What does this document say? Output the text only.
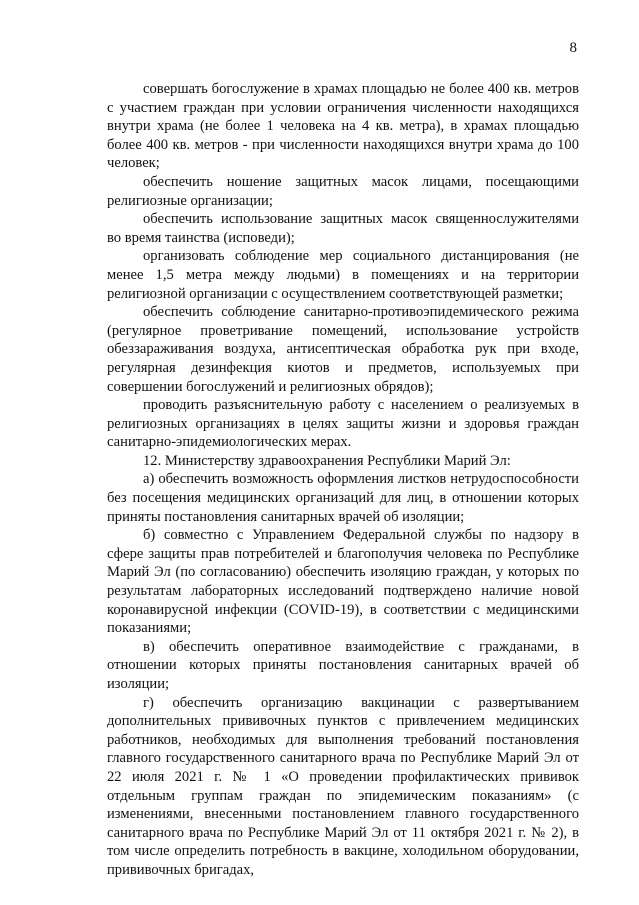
8

совершать богослужение в храмах площадью не более 400 кв. метров с участием граждан при условии ограничения численности находящихся внутри храма (не более 1 человека на 4 кв. метра), в храмах площадью более 400 кв. метров - при численности находящихся внутри храма до 100 человек;

обеспечить ношение защитных масок лицами, посещающими религиозные организации;

обеспечить использование защитных масок священнослужителями во время таинства (исповеди);

организовать соблюдение мер социального дистанцирования (не менее 1,5 метра между людьми) в помещениях и на территории религиозной организации с осуществлением соответствующей разметки;

обеспечить соблюдение санитарно-противоэпидемического режима (регулярное проветривание помещений, использование устройств обеззараживания воздуха, антисептическая обработка рук при входе, регулярная дезинфекция киотов и предметов, используемых при совершении богослужений и религиозных обрядов);

проводить разъяснительную работу с населением о реализуемых в религиозных организациях в целях защиты жизни и здоровья граждан санитарно-эпидемиологических мерах.

12. Министерству здравоохранения Республики Марий Эл:

а) обеспечить возможность оформления листков нетрудоспособности без посещения медицинских организаций для лиц, в отношении которых приняты постановления санитарных врачей об изоляции;

б) совместно с Управлением Федеральной службы по надзору в сфере защиты прав потребителей и благополучия человека по Республике Марий Эл (по согласованию) обеспечить изоляцию граждан, у которых по результатам лабораторных исследований подтверждено наличие новой коронавирусной инфекции (COVID-19), в соответствии с медицинскими показаниями;

в) обеспечить оперативное взаимодействие с гражданами, в отношении которых приняты постановления санитарных врачей об изоляции;

г) обеспечить организацию вакцинации с развертыванием дополнительных прививочных пунктов с привлечением медицинских работников, необходимых для выполнения требований постановления главного государственного санитарного врача по Республике Марий Эл от 22 июля 2021 г. № 1 «О проведении профилактических прививок отдельным группам граждан по эпидемическим показаниям» (с изменениями, внесенными постановлением главного государственного санитарного врача по Республике Марий Эл от 11 октября 2021 г. № 2), в том числе определить потребность в вакцине, холодильном оборудовании, прививочных бригадах,
